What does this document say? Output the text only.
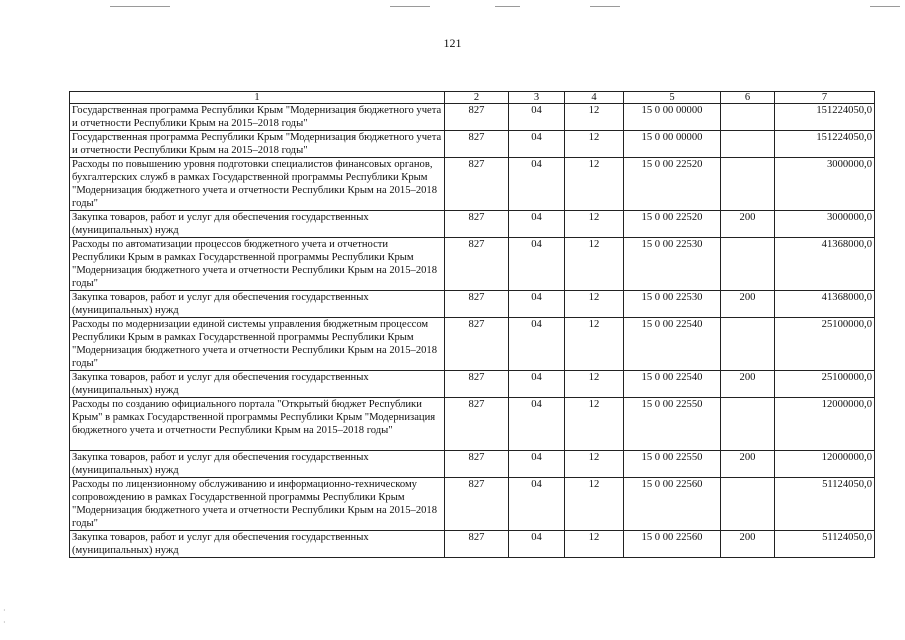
121
1	2	3	4	5	6	7
Государственная программа Республики Крым "Модернизация бюджетного учета и отчетности Республики Крым на 2015–2018 годы"	827	04	12	15 0 00 00000		151224050,0
Государственная программа Республики Крым "Модернизация бюджетного учета и отчетности Республики Крым на 2015–2018 годы"	827	04	12	15 0 00 00000		151224050,0
Расходы по повышению уровня подготовки специалистов финансовых органов, бухгалтерских служб в рамках Государственной программы Республики Крым "Модернизация бюджетного учета и отчетности Республики Крым на 2015–2018 годы"	827	04	12	15 0 00 22520		3000000,0
Закупка товаров, работ и услуг для обеспечения государственных (муниципальных) нужд	827	04	12	15 0 00 22520	200	3000000,0
Расходы по автоматизации процессов бюджетного учета и отчетности Республики Крым в рамках Государственной программы Республики Крым "Модернизация бюджетного учета и отчетности Республики Крым на 2015–2018 годы"	827	04	12	15 0 00 22530		41368000,0
Закупка товаров, работ и услуг для обеспечения государственных (муниципальных) нужд	827	04	12	15 0 00 22530	200	41368000,0
Расходы по модернизации единой системы управления бюджетным процессом Республики Крым в рамках Государственной программы Республики Крым "Модернизация бюджетного учета и отчетности Республики Крым на 2015–2018 годы"	827	04	12	15 0 00 22540		25100000,0
Закупка товаров, работ и услуг для обеспечения государственных (муниципальных) нужд	827	04	12	15 0 00 22540	200	25100000,0
Расходы по созданию официального портала "Открытый бюджет Республики Крым" в рамках Государственной программы Республики Крым "Модернизация бюджетного учета и отчетности Республики Крым на 2015–2018 годы"	827	04	12	15 0 00 22550		12000000,0
Закупка товаров, работ и услуг для обеспечения государственных (муниципальных) нужд	827	04	12	15 0 00 22550	200	12000000,0
Расходы по лицензионному обслуживанию и информационно-техническому сопровождению в рамках Государственной программы Республики Крым "Модернизация бюджетного учета и отчетности Республики Крым на 2015–2018 годы"	827	04	12	15 0 00 22560		51124050,0
Закупка товаров, работ и услуг для обеспечения государственных (муниципальных) нужд	827	04	12	15 0 00 22560	200	51124050,0
·
·
